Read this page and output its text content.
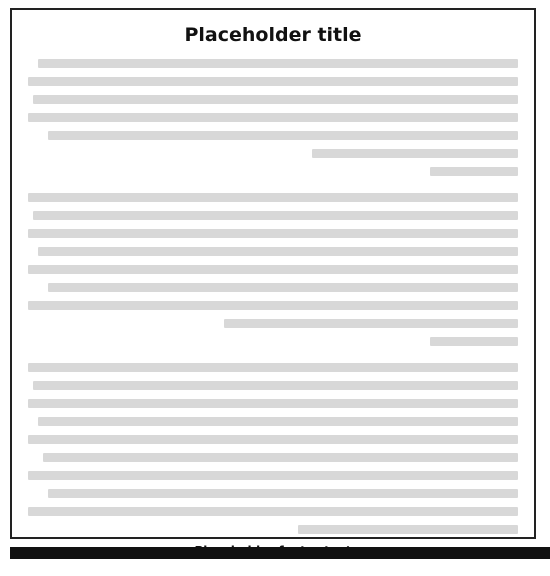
Placeholder title
